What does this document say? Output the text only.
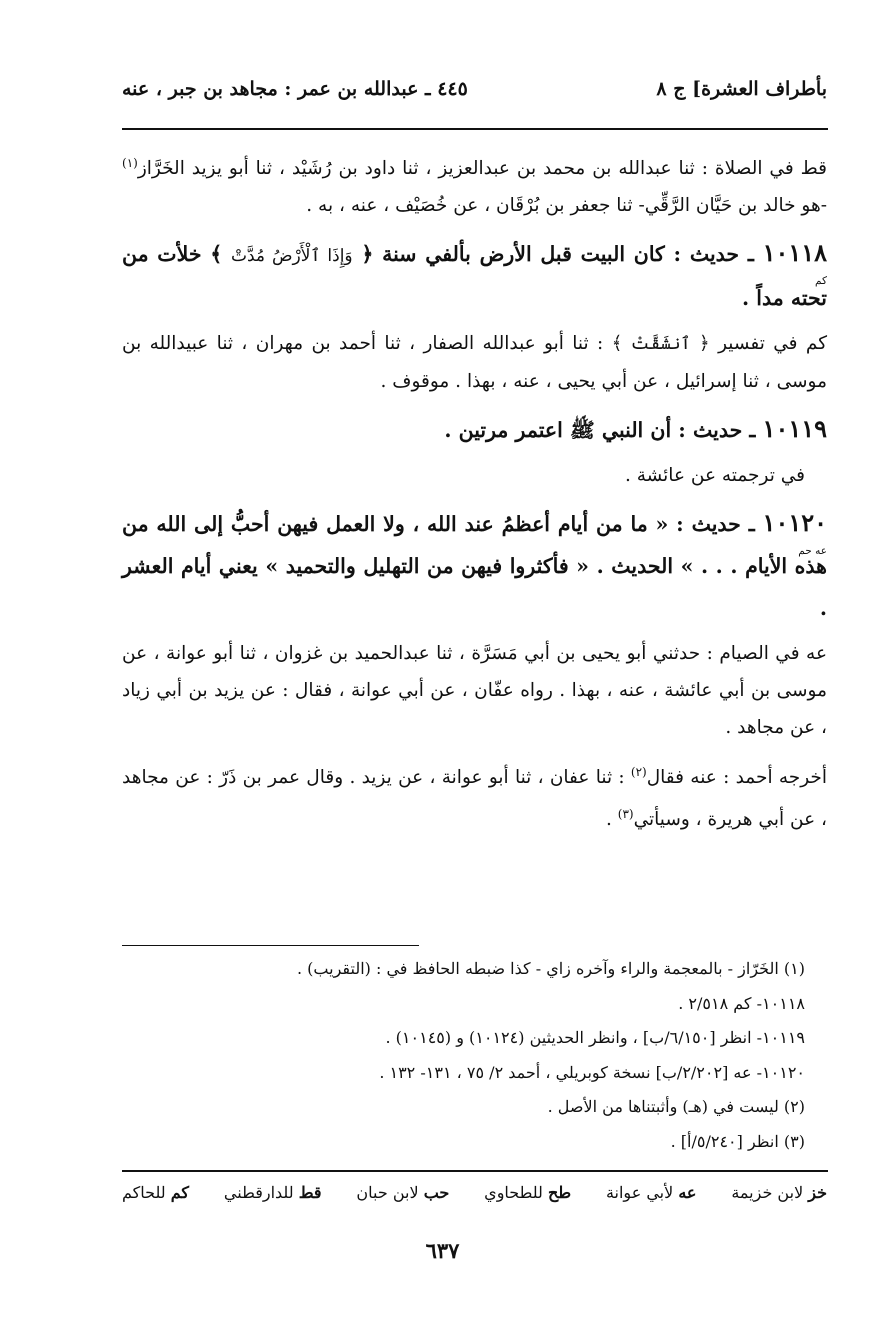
بأطراف العشرة] ج ٨
٤٤٥ ـ عبدالله بن عمر : مجاهد بن جبر ، عنه
قط في الصلاة : ثنا عبدالله بن محمد بن عبدالعزيز ، ثنا داود بن رُشَيْد ، ثنا أبو يزيد الخَرَّاز$^{(١)}$ -هو خالد بن حَيَّان الرَّقِّي- ثنا جعفر بن بُرْقَان ، عن خُصَيْف ، عنه ، به .
١٠١١٨
كم
ـ حديث : كان البيت قبل الأرض بألفي سنة ﴿ وَإِذَا ٱلْأَرْضُ مُدَّتْ ﴾ خلأت من تحته مداً .
كم في تفسير ﴿ ٱنشَقَّتْ ﴾ : ثنا أبو عبدالله الصفار ، ثنا أحمد بن مهران ، ثنا عبيدالله بن موسى ، ثنا إسرائيل ، عن أبي يحيى ، عنه ، بهذا . موقوف .
١٠١١٩ ـ حديث : أن النبي ﷺ اعتمر مرتين .
في ترجمته عن عائشة .
١٠١٢٠
عه حم
ـ حديث : « ما من أيام أعظمُ عند الله ، ولا العمل فيهن أحبُّ إلى الله من هذه الأيام . . . » الحديث . « فأكثروا فيهن من التهليل والتحميد » يعني أيام العشر .
عه في الصيام : حدثني أبو يحيى بن أبي مَسَرَّة ، ثنا عبدالحميد بن غزوان ، ثنا أبو عوانة ، عن موسى بن أبي عائشة ، عنه ، بهذا . رواه عفّان ، عن أبي عوانة ، فقال : عن يزيد بن أبي زياد ، عن مجاهد .
أخرجه أحمد : عنه فقال$^{(٢)}$ : ثنا عفان ، ثنا أبو عوانة ، عن يزيد . وقال عمر بن ذَرّ : عن مجاهد ، عن أبي هريرة ، وسيأتي$^{(٣)}$ .
(١) الخَرّاز - بالمعجمة والراء وآخره زاي - كذا ضبطه الحافظ في : (التقريب) .
١٠١١٨- كم ٢/٥١٨ .
١٠١١٩- انظر [٦/١٥٠/ب] ، وانظر الحديثين (١٠١٢٤) و (١٠١٤٥) .
١٠١٢٠- عه [٢/٢٠٢/ب] نسخة كوبريلي ، أحمد ٢/ ٧٥ ، ١٣١- ١٣٢ .
(٢) ليست في (هـ) وأثبتناها من الأصل .
(٣) انظر [٥/٢٤٠/أ] .
خز لابن خزيمة
عه لأبي عوانة
طح للطحاوي
حب لابن حبان
قط للدارقطني
كم للحاكم
٦٣٧
